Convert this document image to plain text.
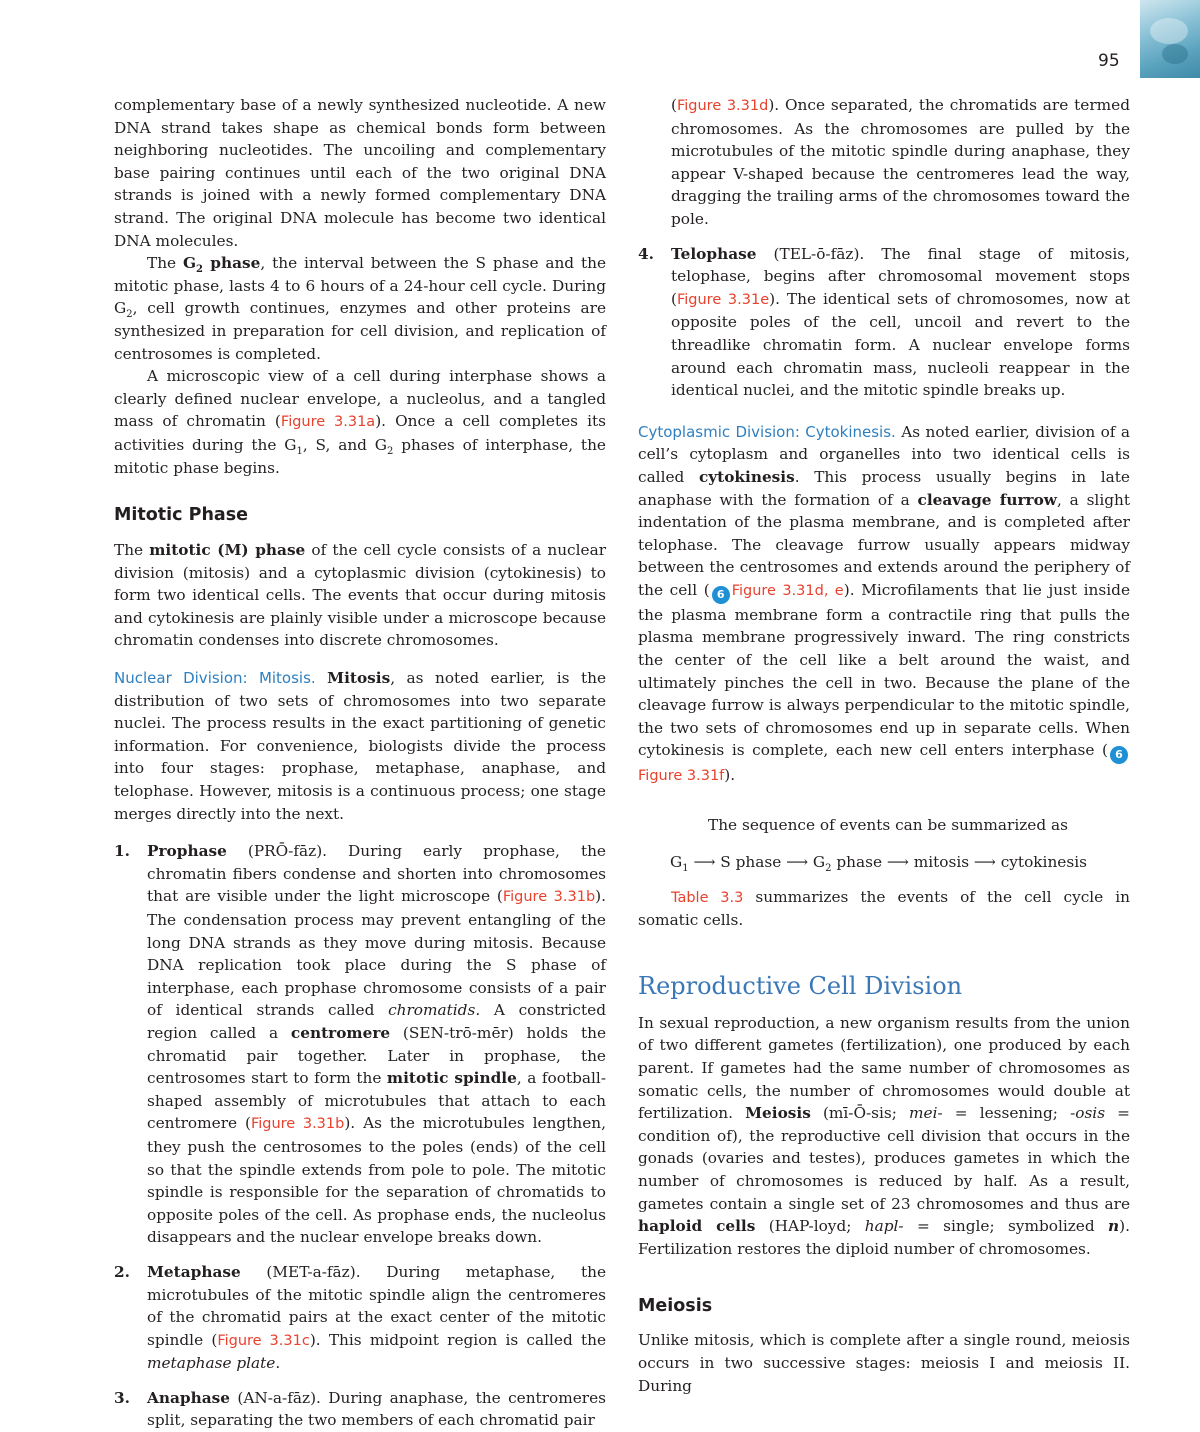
95

complementary base of a newly synthesized nucleotide. A new DNA strand takes shape as chemical bonds form between neighboring nucleotides. The uncoiling and complementary base pairing continues until each of the two original DNA strands is joined with a newly formed complementary DNA strand. The original DNA molecule has become two identical DNA molecules.

The $G_2$ phase, the interval between the S phase and the mitotic phase, lasts 4 to 6 hours of a 24-hour cell cycle. During $G_2$, cell growth continues, enzymes and other proteins are synthesized in preparation for cell division, and replication of centrosomes is completed.

A microscopic view of a cell during interphase shows a clearly defined nuclear envelope, a nucleolus, and a tangled mass of chromatin (Figure 3.31a). Once a cell completes its activities during the $G_1$, S, and $G_2$ phases of interphase, the mitotic phase begins.

Mitotic Phase

The mitotic (M) phase of the cell cycle consists of a nuclear division (mitosis) and a cytoplasmic division (cytokinesis) to form two identical cells. The events that occur during mitosis and cytokinesis are plainly visible under a microscope because chromatin condenses into discrete chromosomes.

Nuclear Division: Mitosis. Mitosis, as noted earlier, is the distribution of two sets of chromosomes into two separate nuclei. The process results in the exact partitioning of genetic information. For convenience, biologists divide the process into four stages: prophase, metaphase, anaphase, and telophase. However, mitosis is a continuous process; one stage merges directly into the next.

1. Prophase (PRŌ-fāz). During early prophase, the chromatin fibers condense and shorten into chromosomes that are visible under the light microscope (Figure 3.31b). The condensation process may prevent entangling of the long DNA strands as they move during mitosis. Because DNA replication took place during the S phase of interphase, each prophase chromosome consists of a pair of identical strands called chromatids. A constricted region called a centromere (SEN-trō-mēr) holds the chromatid pair together. Later in prophase, the centrosomes start to form the mitotic spindle, a football-shaped assembly of microtubules that attach to each centromere (Figure 3.31b). As the microtubules lengthen, they push the centrosomes to the poles (ends) of the cell so that the spindle extends from pole to pole. The mitotic spindle is responsible for the separation of chromatids to opposite poles of the cell. As prophase ends, the nucleolus disappears and the nuclear envelope breaks down.

2. Metaphase (MET-a-fāz). During metaphase, the microtubules of the mitotic spindle align the centromeres of the chromatid pairs at the exact center of the mitotic spindle (Figure 3.31c). This midpoint region is called the metaphase plate.

3. Anaphase (AN-a-fāz). During anaphase, the centromeres split, separating the two members of each chromatid pair

(Figure 3.31d). Once separated, the chromatids are termed chromosomes. As the chromosomes are pulled by the microtubules of the mitotic spindle during anaphase, they appear V-shaped because the centromeres lead the way, dragging the trailing arms of the chromosomes toward the pole.

4. Telophase (TEL-ō-fāz). The final stage of mitosis, telophase, begins after chromosomal movement stops (Figure 3.31e). The identical sets of chromosomes, now at opposite poles of the cell, uncoil and revert to the threadlike chromatin form. A nuclear envelope forms around each chromatin mass, nucleoli reappear in the identical nuclei, and the mitotic spindle breaks up.

Cytoplasmic Division: Cytokinesis. As noted earlier, division of a cell’s cytoplasm and organelles into two identical cells is called cytokinesis. This process usually begins in late anaphase with the formation of a cleavage furrow, a slight indentation of the plasma membrane, and is completed after telophase. The cleavage furrow usually appears midway between the centrosomes and extends around the periphery of the cell ( 6 Figure 3.31d, e). Microfilaments that lie just inside the plasma membrane form a contractile ring that pulls the plasma membrane progressively inward. The ring constricts the center of the cell like a belt around the waist, and ultimately pinches the cell in two. Because the plane of the cleavage furrow is always perpendicular to the mitotic spindle, the two sets of chromosomes end up in separate cells. When cytokinesis is complete, each new cell enters interphase ( 6Figure 3.31f).

The sequence of events can be summarized as

$G_1$ ⟶ S phase ⟶ $G_2$ phase ⟶ mitosis ⟶ cytokinesis

Table 3.3 summarizes the events of the cell cycle in somatic cells.

Reproductive Cell Division

In sexual reproduction, a new organism results from the union of two different gametes (fertilization), one produced by each parent. If gametes had the same number of chromosomes as somatic cells, the number of chromosomes would double at fertilization. Meiosis (mī-Ō-sis; mei- = lessening; -osis = condition of), the reproductive cell division that occurs in the gonads (ovaries and testes), produces gametes in which the number of chromosomes is reduced by half. As a result, gametes contain a single set of 23 chromosomes and thus are haploid cells (HAP-loyd; hapl- = single; symbolized n). Fertilization restores the diploid number of chromosomes.

Meiosis

Unlike mitosis, which is complete after a single round, meiosis occurs in two successive stages: meiosis I and meiosis II. During
